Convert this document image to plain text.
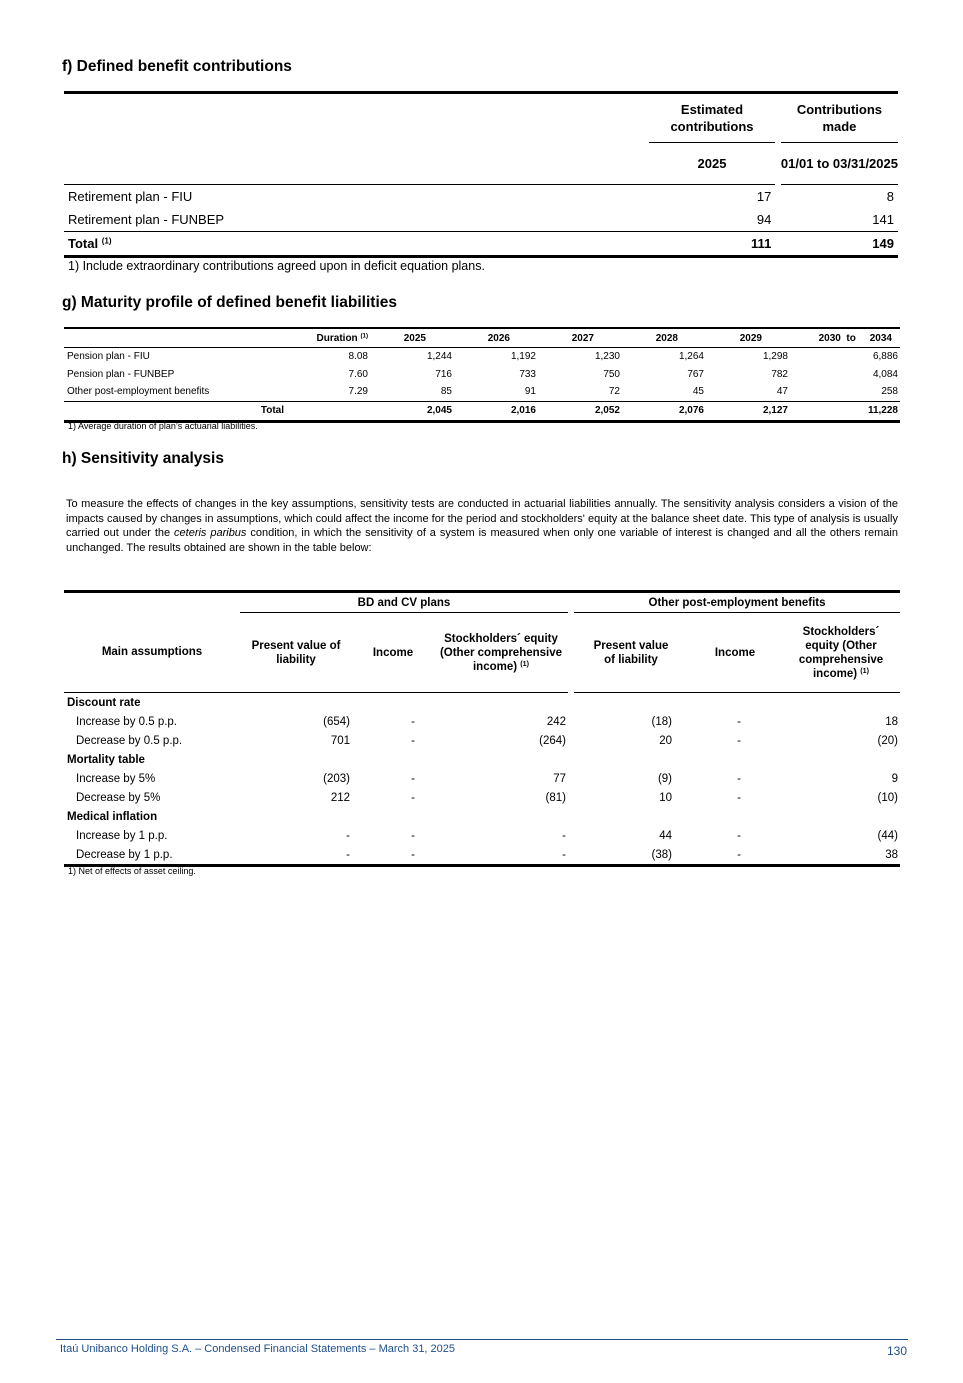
f) Defined benefit contributions
	Estimated contributions		Contributions made
	2025		01/01 to 03/31/2025
Retirement plan - FIU	17		8
Retirement plan - FUNBEP	94		141
Total $^{(1)}$	111		149
1) Include extraordinary contributions agreed upon in deficit equation plans.
g) Maturity profile of defined benefit liabilities
	Duration $^{(1)}$	2025	2026	2027	2028	2029	2030 to 2034
Pension plan - FIU	8.08	1,244	1,192	1,230	1,264	1,298	6,886
Pension plan - FUNBEP	7.60	716	733	750	767	782	4,084
Other post-employment benefits	7.29	85	91	72	45	47	258
Total		2,045	2,016	2,052	2,076	2,127	11,228
1) Average duration of plan’s actuarial liabilities.
h) Sensitivity analysis

To measure the effects of changes in the key assumptions, sensitivity tests are conducted in actuarial liabilities annually. The sensitivity analysis considers a vision of the impacts caused by changes in assumptions, which could affect the income for the period and stockholders' equity at the balance sheet date. This type of analysis is usually carried out under the ceteris paribus condition, in which the sensitivity of a system is measured when only one variable of interest is changed and all the others remain unchanged. The results obtained are shown in the table below:

	BD and CV plans				Other post-employment benefits		
Main assumptions	Present value of liability	Income	Stockholders´ equity (Other comprehensive income) $^{(1)}$		Present value of liability	Income	Stockholders´ equity (Other comprehensive income) $^{(1)}$
Discount rate							
Increase by 0.5 p.p.	(654)	-	242		(18)	-	18
Decrease by 0.5 p.p.	701	-	(264)		20	-	(20)
Mortality table							
Increase by 5%	(203)	-	77		(9)	-	9
Decrease by 5%	212	-	(81)		10	-	(10)
Medical inflation							
Increase by 1 p.p.	-	-	-		44	-	(44)
Decrease by 1 p.p.	-	-	-		(38)	-	38
1) Net of effects of asset ceiling.
Itaú Unibanco Holding S.A. – Condensed Financial Statements – March 31, 2025	130
